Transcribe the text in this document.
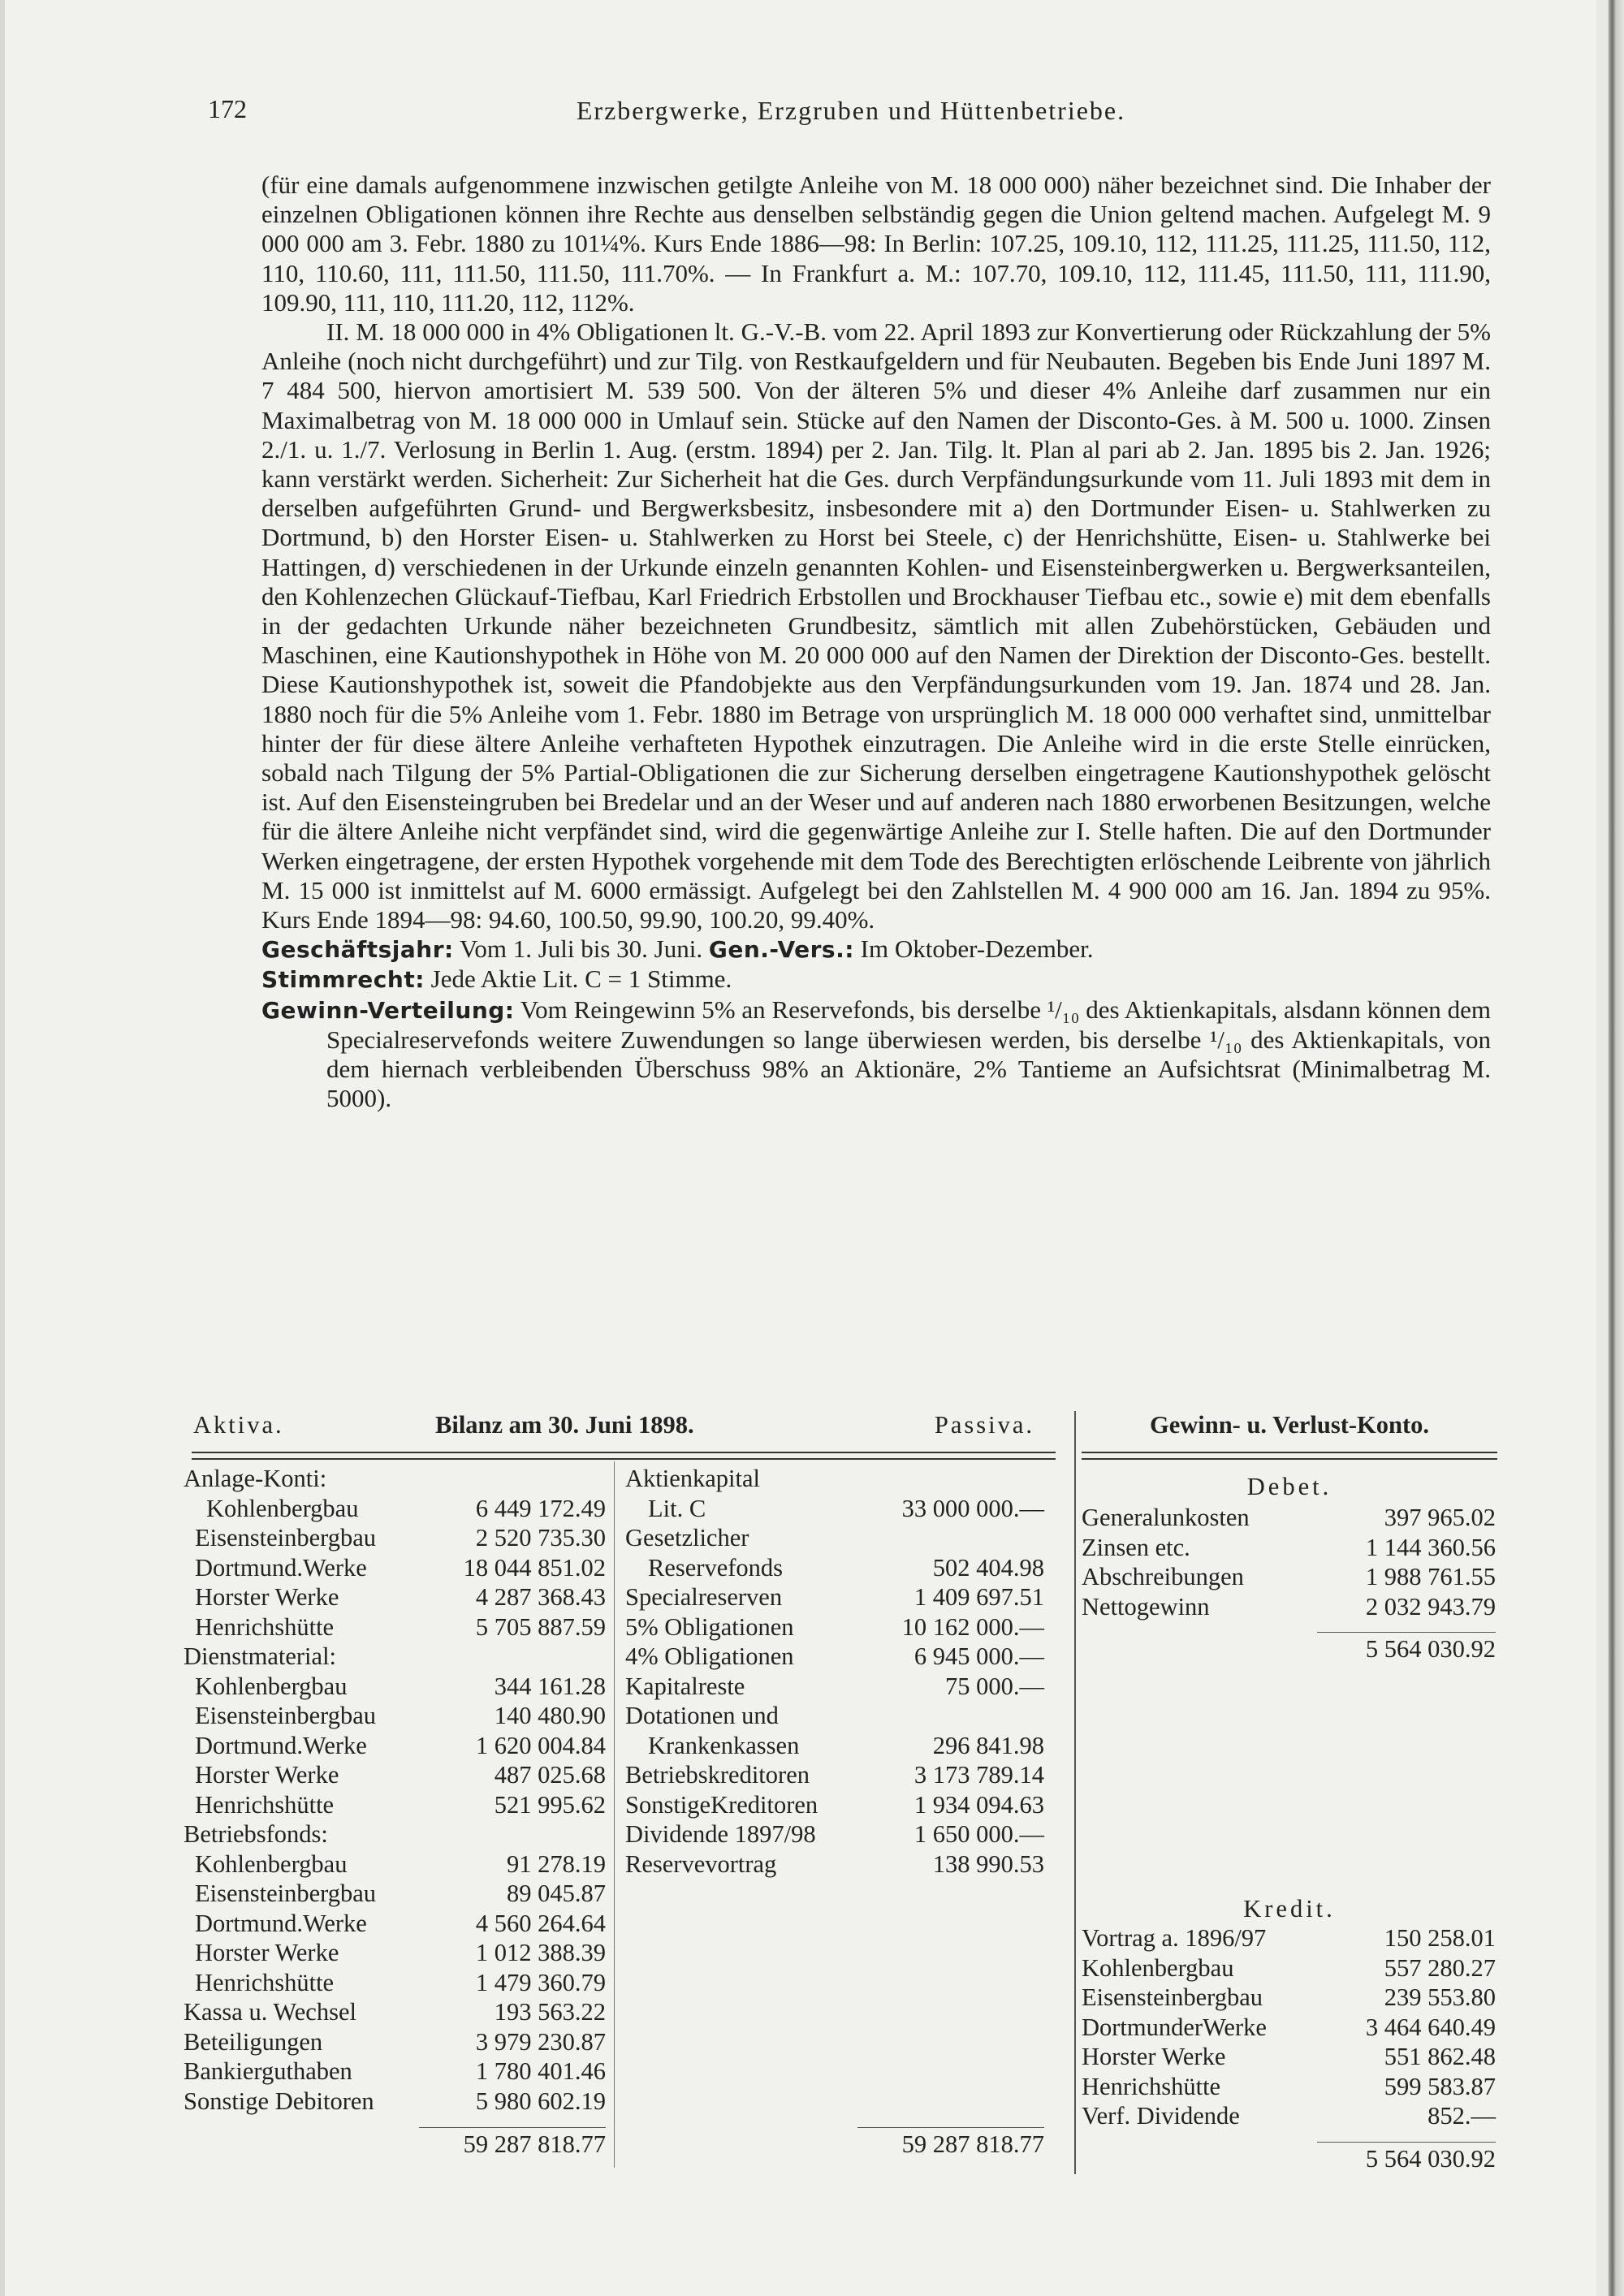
172	Erzbergwerke, Erzgruben und Hüttenbetriebe.

(für eine damals aufgenommene inzwischen getilgte Anleihe von M. 18 000 000) näher bezeichnet sind. Die Inhaber der einzelnen Obligationen können ihre Rechte aus denselben selbständig gegen die Union geltend machen. Aufgelegt M. 9 000 000 am 3. Febr. 1880 zu 101¼%. Kurs Ende 1886—98: In Berlin: 107.25, 109.10, 112, 111.25, 111.25, 111.50, 112, 110, 110.60, 111, 111.50, 111.50, 111.70%. — In Frankfurt a. M.: 107.70, 109.10, 112, 111.45, 111.50, 111, 111.90, 109.90, 111, 110, 111.20, 112, 112%.

II. M. 18 000 000 in 4% Obligationen lt. G.-V.-B. vom 22. April 1893 zur Konvertierung oder Rückzahlung der 5% Anleihe (noch nicht durchgeführt) und zur Tilg. von Restkaufgeldern und für Neubauten. Begeben bis Ende Juni 1897 M. 7 484 500, hiervon amortisiert M. 539 500. Von der älteren 5% und dieser 4% Anleihe darf zusammen nur ein Maximalbetrag von M. 18 000 000 in Umlauf sein. Stücke auf den Namen der Disconto-Ges. à M. 500 u. 1000. Zinsen 2./1. u. 1./7. Verlosung in Berlin 1. Aug. (erstm. 1894) per 2. Jan. Tilg. lt. Plan al pari ab 2. Jan. 1895 bis 2. Jan. 1926; kann verstärkt werden. Sicherheit: Zur Sicherheit hat die Ges. durch Verpfändungsurkunde vom 11. Juli 1893 mit dem in derselben aufgeführten Grund- und Bergwerksbesitz, insbesondere mit a) den Dortmunder Eisen- u. Stahlwerken zu Dortmund, b) den Horster Eisen- u. Stahlwerken zu Horst bei Steele, c) der Henrichshütte, Eisen- u. Stahlwerke bei Hattingen, d) verschiedenen in der Urkunde einzeln genannten Kohlen- und Eisensteinbergwerken u. Bergwerksanteilen, den Kohlenzechen Glückauf-Tiefbau, Karl Friedrich Erbstollen und Brockhauser Tiefbau etc., sowie e) mit dem ebenfalls in der gedachten Urkunde näher bezeichneten Grundbesitz, sämtlich mit allen Zubehörstücken, Gebäuden und Maschinen, eine Kautionshypothek in Höhe von M. 20 000 000 auf den Namen der Direktion der Disconto-Ges. bestellt. Diese Kautionshypothek ist, soweit die Pfandobjekte aus den Verpfändungsurkunden vom 19. Jan. 1874 und 28. Jan. 1880 noch für die 5% Anleihe vom 1. Febr. 1880 im Betrage von ursprünglich M. 18 000 000 verhaftet sind, unmittelbar hinter der für diese ältere Anleihe verhafteten Hypothek einzutragen. Die Anleihe wird in die erste Stelle einrücken, sobald nach Tilgung der 5% Partial-Obligationen die zur Sicherung derselben eingetragene Kautionshypothek gelöscht ist. Auf den Eisensteingruben bei Bredelar und an der Weser und auf anderen nach 1880 erworbenen Besitzungen, welche für die ältere Anleihe nicht verpfändet sind, wird die gegenwärtige Anleihe zur I. Stelle haften. Die auf den Dortmunder Werken eingetragene, der ersten Hypothek vorgehende mit dem Tode des Berechtigten erlöschende Leibrente von jährlich M. 15 000 ist inmittelst auf M. 6000 ermässigt. Aufgelegt bei den Zahlstellen M. 4 900 000 am 16. Jan. 1894 zu 95%. Kurs Ende 1894—98: 94.60, 100.50, 99.90, 100.20, 99.40%.

Geschäftsjahr: Vom 1. Juli bis 30. Juni. Gen.-Vers.: Im Oktober-Dezember.

Stimmrecht: Jede Aktie Lit. C = 1 Stimme.

Gewinn-Verteilung: Vom Reingewinn 5% an Reservefonds, bis derselbe ¹/₁₀ des Aktienkapitals, alsdann können dem Specialreservefonds weitere Zuwendungen so lange überwiesen werden, bis derselbe ¹/₁₀ des Aktienkapitals, von dem hiernach verbleibenden Überschuss 98% an Aktionäre, 2% Tantieme an Aufsichtsrat (Minimalbetrag M. 5000).

Aktiva.	Bilanz am 30. Juni 1898.	Passiva.
Anlage-Konti:
Kohlenbergbau	6 449 172.49
Eisensteinbergbau	2 520 735.30
Dortmund.Werke	18 044 851.02
Horster Werke	4 287 368.43
Henrichshütte	5 705 887.59
Dienstmaterial:
Kohlenbergbau	344 161.28
Eisensteinbergbau	140 480.90
Dortmund.Werke	1 620 004.84
Horster Werke	487 025.68
Henrichshütte	521 995.62
Betriebsfonds:
Kohlenbergbau	91 278.19
Eisensteinbergbau	89 045.87
Dortmund.Werke	4 560 264.64
Horster Werke	1 012 388.39
Henrichshütte	1 479 360.79
Kassa u. Wechsel	193 563.22
Beteiligungen	3 979 230.87
Bankierguthaben	1 780 401.46
Sonstige Debitoren	5 980 602.19
Aktienkapital
Lit. C	33 000 000.—
Gesetzlicher
Reservefonds	502 404.98
Specialreserven	1 409 697.51
5% Obligationen	10 162 000.—
4% Obligationen	6 945 000.—
Kapitalreste	75 000.—
Dotationen und
Krankenkassen	296 841.98
Betriebskreditoren	3 173 789.14
SonstigeKreditoren	1 934 094.63
Dividende 1897/98	1 650 000.—
Reservevortrag	138 990.53
59 287 818.77	59 287 818.77
Gewinn- u. Verlust-Konto.
Debet.
Generalunkosten	397 965.02
Zinsen etc.	1 144 360.56
Abschreibungen	1 988 761.55
Nettogewinn	2 032 943.79
5 564 030.92
Kredit.
Vortrag a. 1896/97	150 258.01
Kohlenbergbau	557 280.27
Eisensteinbergbau	239 553.80
DortmunderWerke	3 464 640.49
Horster Werke	551 862.48
Henrichshütte	599 583.87
Verf. Dividende	852.—
5 564 030.92
